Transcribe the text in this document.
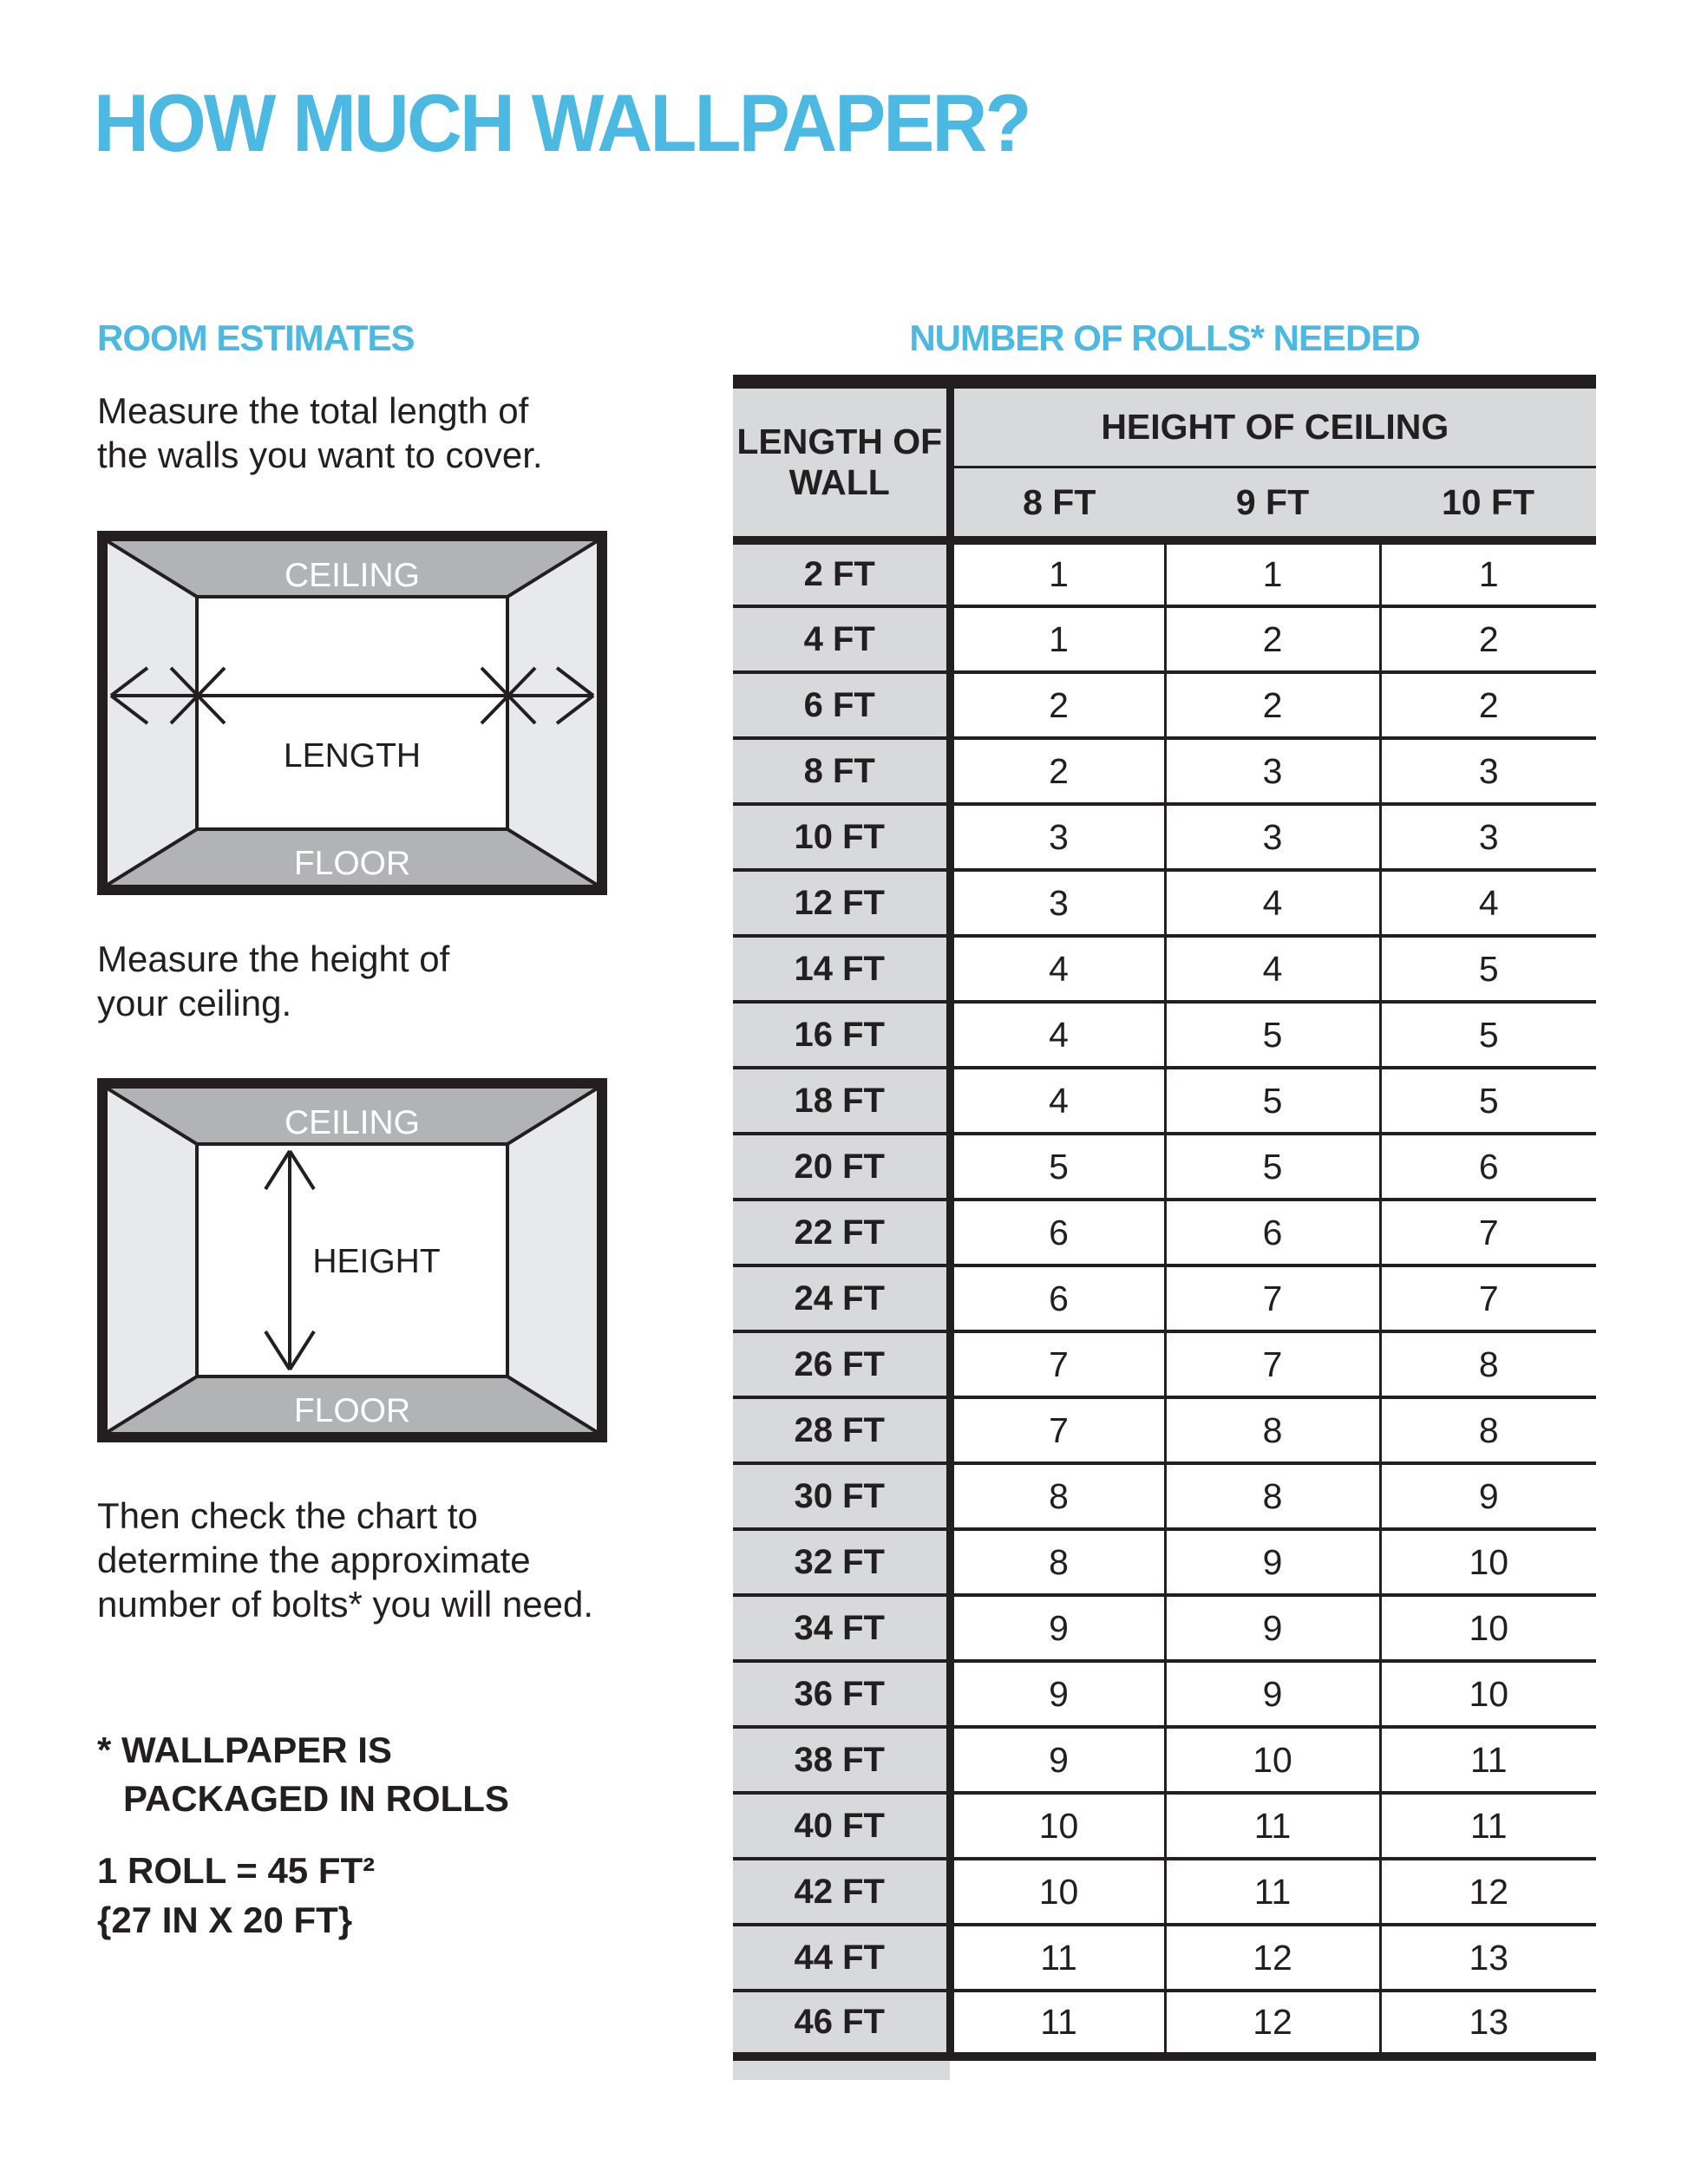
HOW MUCH WALLPAPER?
ROOM ESTIMATES
Measure the total length of
the walls you want to cover.
CEILING
LENGTH
FLOOR
Measure the height of
your ceiling.
CEILING
HEIGHT
FLOOR
Then check the chart to
determine the approximate
number of bolts* you will need.
* WALLPAPER IS
PACKAGED IN ROLLS
1 ROLL = 45 FT²
{27 IN X 20 FT}
NUMBER OF ROLLS* NEEDED
LENGTH OF WALL	HEIGHT OF CEILING		
	8 FT	9 FT	10 FT
2 FT	1	1	1
4 FT	1	2	2
6 FT	2	2	2
8 FT	2	3	3
10 FT	3	3	3
12 FT	3	4	4
14 FT	4	4	5
16 FT	4	5	5
18 FT	4	5	5
20 FT	5	5	6
22 FT	6	6	7
24 FT	6	7	7
26 FT	7	7	8
28 FT	7	8	8
30 FT	8	8	9
32 FT	8	9	10
34 FT	9	9	10
36 FT	9	9	10
38 FT	9	10	11
40 FT	10	11	11
42 FT	10	11	12
44 FT	11	12	13
46 FT	11	12	13
